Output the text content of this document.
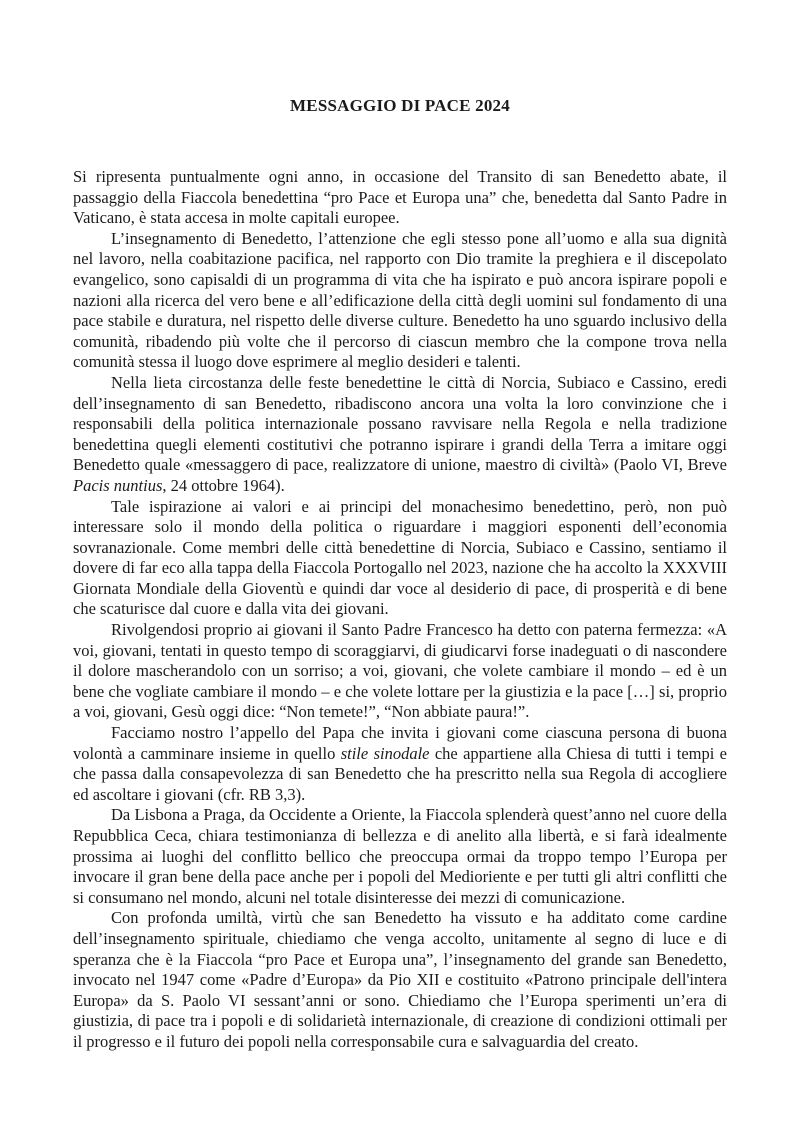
MESSAGGIO DI PACE 2024

Si ripresenta puntualmente ogni anno, in occasione del Transito di san Benedetto abate, il passaggio della Fiaccola benedettina “pro Pace et Europa una” che, benedetta dal Santo Padre in Vaticano, è stata accesa in molte capitali europee.

L’insegnamento di Benedetto, l’attenzione che egli stesso pone all’uomo e alla sua dignità nel lavoro, nella coabitazione pacifica, nel rapporto con Dio tramite la preghiera e il discepolato evangelico, sono capisaldi di un programma di vita che ha ispirato e può ancora ispirare popoli e nazioni alla ricerca del vero bene e all’edificazione della città degli uomini sul fondamento di una pace stabile e duratura, nel rispetto delle diverse culture. Benedetto ha uno sguardo inclusivo della comunità, ribadendo più volte che il percorso di ciascun membro che la compone trova nella comunità stessa il luogo dove esprimere al meglio desideri e talenti.

Nella lieta circostanza delle feste benedettine le città di Norcia, Subiaco e Cassino, eredi dell’insegnamento di san Benedetto, ribadiscono ancora una volta la loro convinzione che i responsabili della politica internazionale possano ravvisare nella Regola e nella tradizione benedettina quegli elementi costitutivi che potranno ispirare i grandi della Terra a imitare oggi Benedetto quale «messaggero di pace, realizzatore di unione, maestro di civiltà» (Paolo VI, Breve Pacis nuntius, 24 ottobre 1964).

Tale ispirazione ai valori e ai principi del monachesimo benedettino, però, non può interessare solo il mondo della politica o riguardare i maggiori esponenti dell’economia sovranazionale. Come membri delle città benedettine di Norcia, Subiaco e Cassino, sentiamo il dovere di far eco alla tappa della Fiaccola Portogallo nel 2023, nazione che ha accolto la XXXVIII Giornata Mondiale della Gioventù e quindi dar voce al desiderio di pace, di prosperità e di bene che scaturisce dal cuore e dalla vita dei giovani.

Rivolgendosi proprio ai giovani il Santo Padre Francesco ha detto con paterna fermezza: «A voi, giovani, tentati in questo tempo di scoraggiarvi, di giudicarvi forse inadeguati o di nascondere il dolore mascherandolo con un sorriso; a voi, giovani, che volete cambiare il mondo – ed è un bene che vogliate cambiare il mondo – e che volete lottare per la giustizia e la pace […] si, proprio a voi, giovani, Gesù oggi dice: “Non temete!”, “Non abbiate paura!”.

Facciamo nostro l’appello del Papa che invita i giovani come ciascuna persona di buona volontà a camminare insieme in quello stile sinodale che appartiene alla Chiesa di tutti i tempi e che passa dalla consapevolezza di san Benedetto che ha prescritto nella sua Regola di accogliere ed ascoltare i giovani (cfr. RB 3,3).

Da Lisbona a Praga, da Occidente a Oriente, la Fiaccola splenderà quest’anno nel cuore della Repubblica Ceca, chiara testimonianza di bellezza e di anelito alla libertà, e si farà idealmente prossima ai luoghi del conflitto bellico che preoccupa ormai da troppo tempo l’Europa per invocare il gran bene della pace anche per i popoli del Medioriente e per tutti gli altri conflitti che si consumano nel mondo, alcuni nel totale disinteresse dei mezzi di comunicazione.

Con profonda umiltà, virtù che san Benedetto ha vissuto e ha additato come cardine dell’insegnamento spirituale, chiediamo che venga accolto, unitamente al segno di luce e di speranza che è la Fiaccola “pro Pace et Europa una”, l’insegnamento del grande san Benedetto, invocato nel 1947 come «Padre d’Europa» da Pio XII e costituito «Patrono principale dell'intera Europa» da S. Paolo VI sessant’anni or sono. Chiediamo che l’Europa sperimenti un’era di giustizia, di pace tra i popoli e di solidarietà internazionale, di creazione di condizioni ottimali per il progresso e il futuro dei popoli nella corresponsabile cura e salvaguardia del creato.
